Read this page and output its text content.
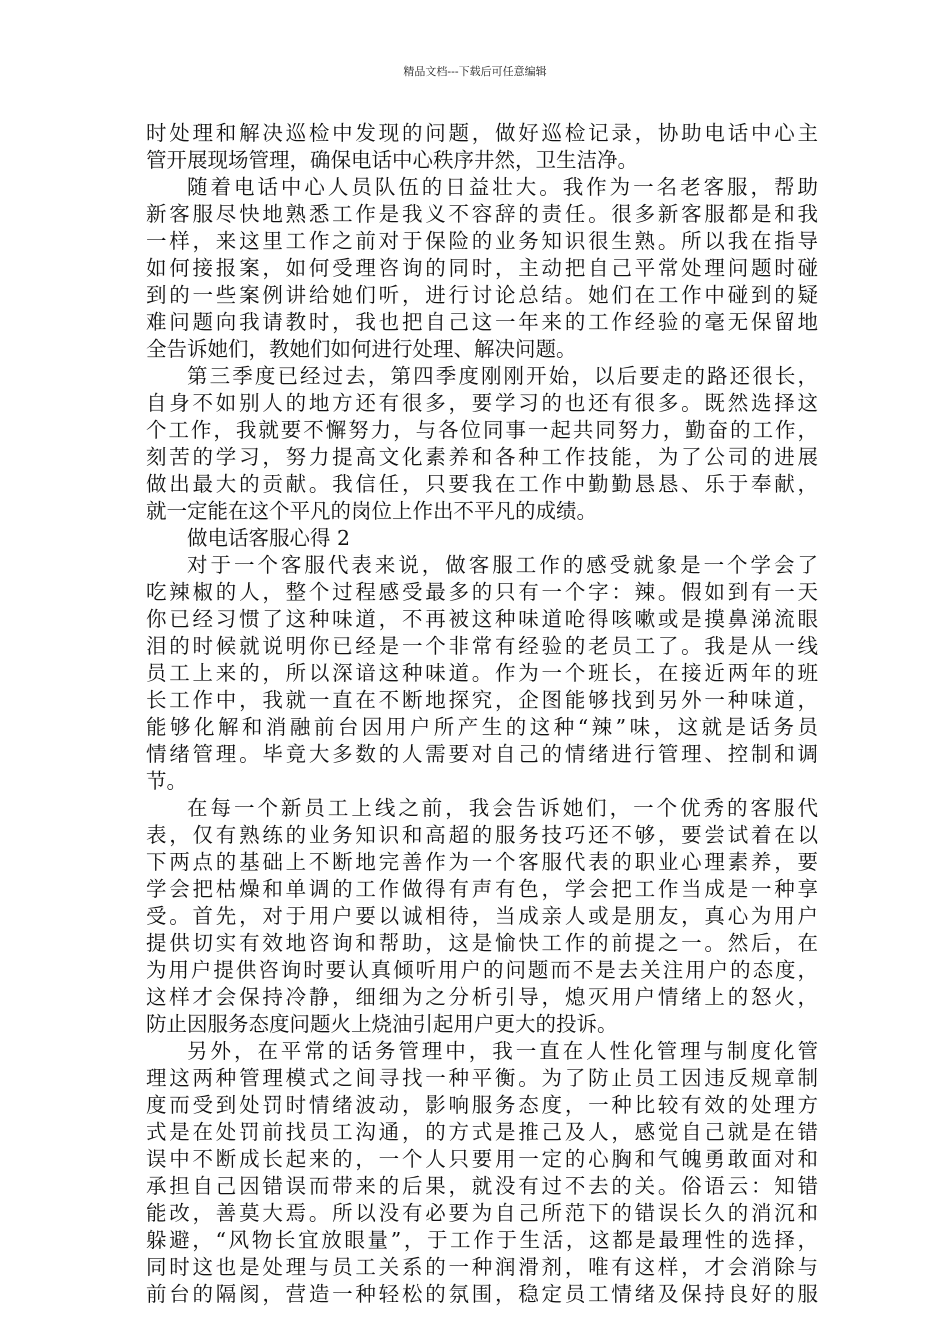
精品文档---下载后可任意编辑
时处理和解决巡检中发现的问题，做好巡检记录，协助电话中心主
管开展现场管理，确保电话中心秩序井然，卫生洁净。
随着电话中心人员队伍的日益壮大。我作为一名老客服，帮助
新客服尽快地熟悉工作是我义不容辞的责任。很多新客服都是和我
一样，来这里工作之前对于保险的业务知识很生熟。所以我在指导
如何接报案，如何受理咨询的同时，主动把自己平常处理问题时碰
到的一些案例讲给她们听，进行讨论总结。她们在工作中碰到的疑
难问题向我请教时，我也把自己这一年来的工作经验的毫无保留地
全告诉她们，教她们如何进行处理、解决问题。
第三季度已经过去，第四季度刚刚开始，以后要走的路还很长，
自身不如别人的地方还有很多，要学习的也还有很多。既然选择这
个工作，我就要不懈努力，与各位同事一起共同努力，勤奋的工作，
刻苦的学习，努力提高文化素养和各种工作技能，为了公司的进展
做出最大的贡献。我信任，只要我在工作中勤勤恳恳、乐于奉献，
就一定能在这个平凡的岗位上作出不平凡的成绩。
做电话客服心得 2
对于一个客服代表来说，做客服工作的感受就象是一个学会了
吃辣椒的人，整个过程感受最多的只有一个字：辣。假如到有一天
你已经习惯了这种味道，不再被这种味道呛得咳嗽或是摸鼻涕流眼
泪的时候就说明你已经是一个非常有经验的老员工了。我是从一线
员工上来的，所以深谙这种味道。作为一个班长，在接近两年的班
长工作中，我就一直在不断地探究，企图能够找到另外一种味道，
能够化解和消融前台因用户所产生的这种“辣”味，这就是话务员
情绪管理。毕竟大多数的人需要对自己的情绪进行管理、控制和调
节。
在每一个新员工上线之前，我会告诉她们，一个优秀的客服代
表，仅有熟练的业务知识和高超的服务技巧还不够，要尝试着在以
下两点的基础上不断地完善作为一个客服代表的职业心理素养，要
学会把枯燥和单调的工作做得有声有色，学会把工作当成是一种享
受。首先，对于用户要以诚相待，当成亲人或是朋友，真心为用户
提供切实有效地咨询和帮助，这是愉快工作的前提之一。然后，在
为用户提供咨询时要认真倾听用户的问题而不是去关注用户的态度，
这样才会保持冷静，细细为之分析引导，熄灭用户情绪上的怒火，
防止因服务态度问题火上烧油引起用户更大的投诉。
另外，在平常的话务管理中，我一直在人性化管理与制度化管
理这两种管理模式之间寻找一种平衡。为了防止员工因违反规章制
度而受到处罚时情绪波动，影响服务态度，一种比较有效的处理方
式是在处罚前找员工沟通，的方式是推己及人，感觉自己就是在错
误中不断成长起来的，一个人只要用一定的心胸和气魄勇敢面对和
承担自己因错误而带来的后果，就没有过不去的关。俗语云：知错
能改，善莫大焉。所以没有必要为自己所范下的错误长久的消沉和
躲避，“风物长宜放眼量”，于工作于生活，这都是最理性的选择，
同时这也是处理与员工关系的一种润滑剂，唯有这样，才会消除与
前台的隔阂，营造一种轻松的氛围，稳定员工情绪及保持良好的服
